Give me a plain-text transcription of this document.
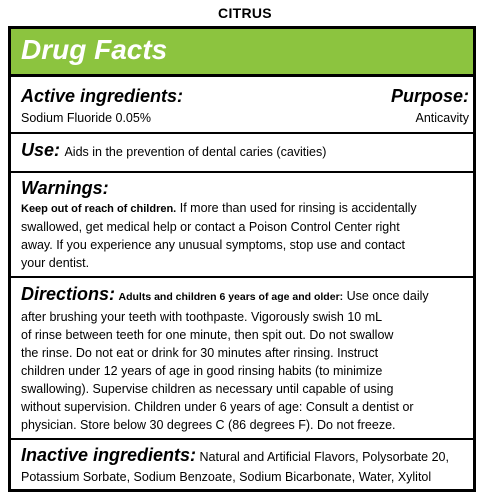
CITRUS
Drug Facts
Active ingredients:
Sodium Fluoride 0.05%
Purpose:
Anticavity
Use: Aids in the prevention of dental caries (cavities)
Warnings:
Keep out of reach of children. If more than used for rinsing is accidentally
swallowed, get medical help or contact a Poison Control Center right
away. If you experience any unusual symptoms, stop use and contact
your dentist.
Directions: Adults and children 6 years of age and older: Use once daily
after brushing your teeth with toothpaste. Vigorously swish 10 mL
of rinse between teeth for one minute, then spit out. Do not swallow
the rinse. Do not eat or drink for 30 minutes after rinsing. Instruct
children under 12 years of age in good rinsing habits (to minimize
swallowing). Supervise children as necessary until capable of using
without supervision. Children under 6 years of age: Consult a dentist or
physician. Store below 30 degrees C (86 degrees F). Do not freeze.
Inactive ingredients: Natural and Artificial Flavors, Polysorbate 20,
Potassium Sorbate, Sodium Benzoate, Sodium Bicarbonate, Water, Xylitol
